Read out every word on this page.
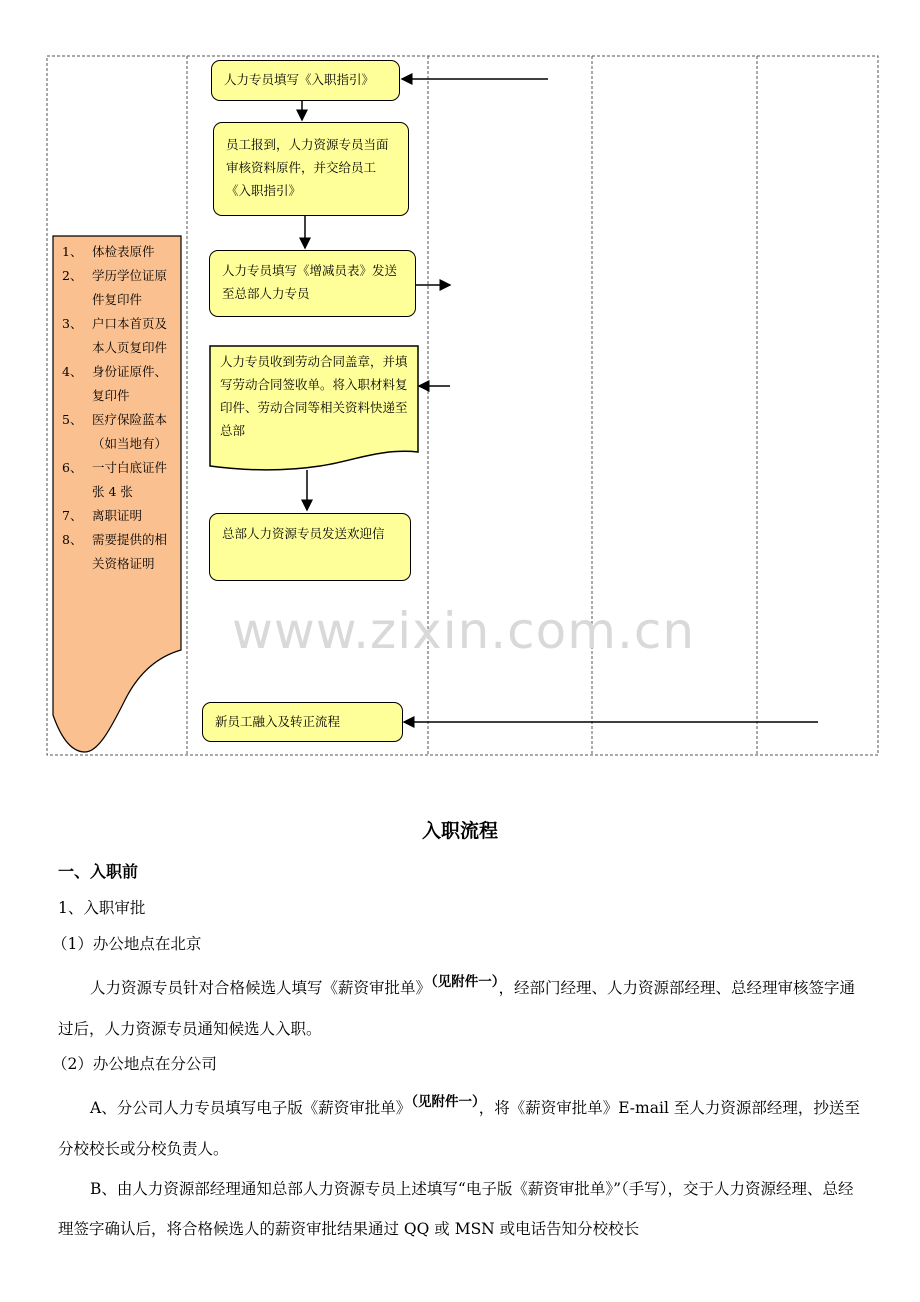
1、 体检表原件
2、 学历学位证原件复印件
3、 户口本首页及本人页复印件
4、 身份证原件、复印件
5、 医疗保险蓝本（如当地有）
6、 一寸白底证件张 4 张
7、 离职证明
8、 需要提供的相关资格证明
人力专员填写《入职指引》
员工报到，人力资源专员当面审核资料原件，并交给员工《入职指引》
人力专员填写《增减员表》发送至总部人力专员
人力专员收到劳动合同盖章，并填写劳动合同签收单。将入职材料复印件、劳动合同等相关资料快递至总部
总部人力资源专员发送欢迎信
新员工融入及转正流程
www.zixin.com.cn
入职流程
一、入职前
1、入职审批
（1）办公地点在北京
人力资源专员针对合格候选人填写《薪资审批单》（见附件一），经部门经理、人力资源部经理、总经理审核签字通过后，人力资源专员通知候选人入职。
（2）办公地点在分公司
A、分公司人力专员填写电子版《薪资审批单》（见附件一），将《薪资审批单》E-mail 至人力资源部经理，抄送至分校校长或分校负责人。
B、由人力资源部经理通知总部人力资源专员上述填写“电子版《薪资审批单》”（手写），交于人力资源经理、总经理签字确认后，将合格候选人的薪资审批结果通过 QQ 或 MSN 或电话告知分校校长
